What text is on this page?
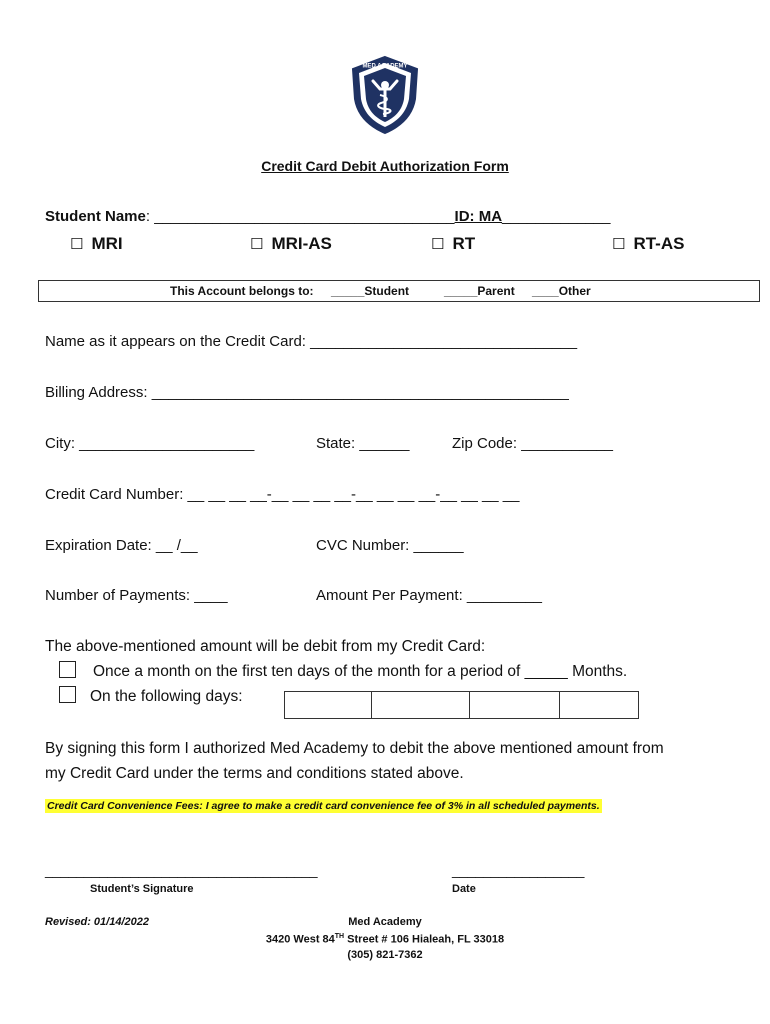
MED ACADEMY
Credit Card Debit Authorization Form
Student Name: ____________________________________ID: MA_____________
☐ MRI	☐ MRI-AS	☐ RT	☐ RT-AS
This Account belongs to: _____Student	_____Parent ____Other
Name as it appears on the Credit Card: ________________________________
Billing Address: __________________________________________________
City: _____________________	State: ______	Zip Code: ___________
Credit Card Number: __ __ __ __-__ __ __ __-__ __ __ __-__ __ __ __
Expiration Date: __ /__	CVC Number: ______
Number of Payments: ____	Amount Per Payment: _________
The above-mentioned amount will be debit from my Credit Card:
Once a month on the first ten days of the month for a period of _____ Months.
On the following days:
By signing this form I authorized Med Academy to debit the above mentioned amount from
my Credit Card under the terms and conditions stated above.
Credit Card Convenience Fees: I agree to make a credit card convenience fee of 3% in all scheduled payments.
___________________________________
Student’s Signature
_________________
Date
Revised: 01/14/2022	Med Academy
3420 West 84TH Street # 106 Hialeah, FL 33018
(305) 821-7362
